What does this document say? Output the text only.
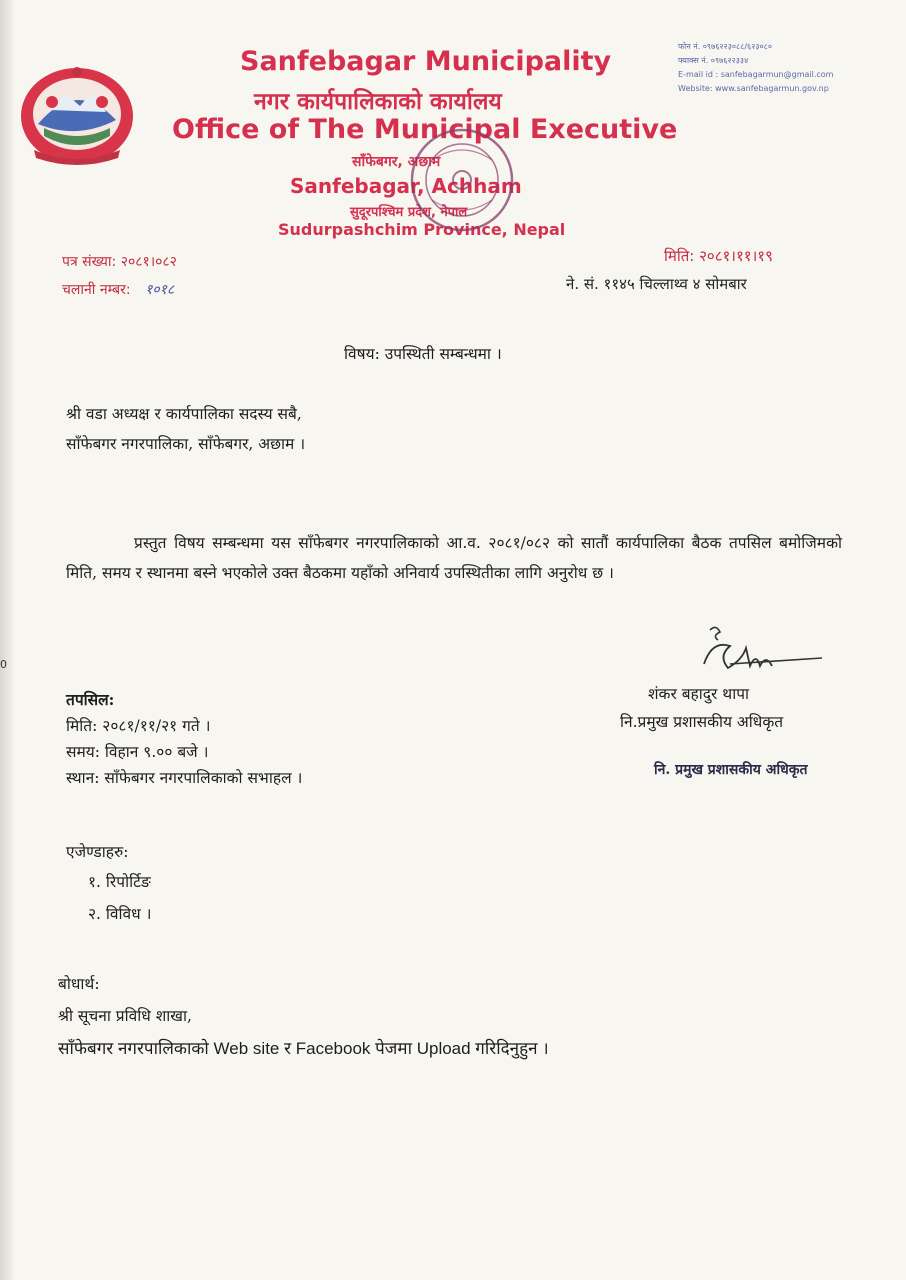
0
Sanfebagar Municipality
नगर कार्यपालिकाको कार्यालय
Office of The Municipal Executive
साँफेबगर, अछाम
Sanfebagar, Achham
सुदूरपश्चिम प्रदेश, नेपाल
Sudurpashchim Province, Nepal
फोन नं. ०९७६२२३०८८/६२३०८०
फ्याक्स नं. ०९७६२२३३४
E-mail id : sanfebagarmun@gmail.com
Website: www.sanfebagarmun.gov.np
पत्र संख्या: २०८१।०८२
चलानी नम्बर: १०१८
मिति: २०८१।११।१९
ने. सं. ११४५ चिल्लाथ्व ४ सोमबार
विषय: उपस्थिती सम्बन्धमा ।
श्री वडा अध्यक्ष र कार्यपालिका सदस्य सबै,
साँफेबगर नगरपालिका, साँफेबगर, अछाम ।
प्रस्तुत विषय सम्बन्धमा यस साँफेबगर नगरपालिकाको आ.व. २०८१/०८२ को सातौं कार्यपालिका बैठक तपसिल बमोजिमको मिति, समय र स्थानमा बस्ने भएकोले उक्त बैठकमा यहाँको अनिवार्य उपस्थितीका लागि अनुरोध छ ।
शंकर बहादुर थापा
नि.प्रमुख प्रशासकीय अधिकृत
नि. प्रमुख प्रशासकीय अधिकृत
तपसिल:
मिति: २०८१/११/२१ गते ।
समय: विहान ९.०० बजे ।
स्थान: साँफेबगर नगरपालिकाको सभाहल ।
एजेण्डाहरु:
१. रिपोर्टिङ
२. विविध ।
बोधार्थ:
श्री सूचना प्रविधि शाखा,
साँफेबगर नगरपालिकाको Web site र Facebook पेजमा Upload गरिदिनुहुन ।
